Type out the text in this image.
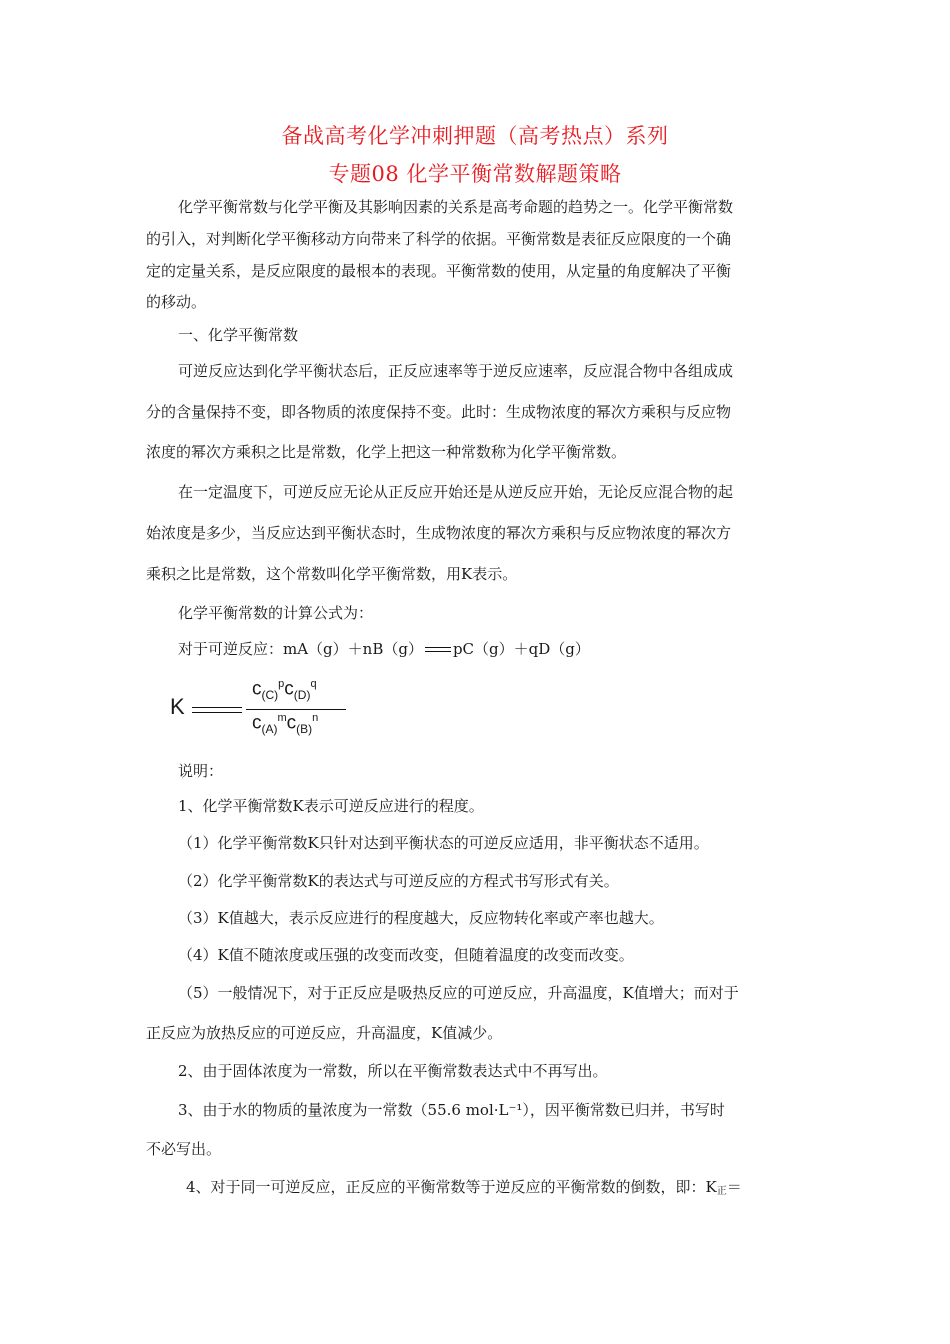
备战高考化学冲刺押题（高考热点）系列
专题08 化学平衡常数解题策略
化学平衡常数与化学平衡及其影响因素的关系是高考命题的趋势之一。化学平衡常数
的引入，对判断化学平衡移动方向带来了科学的依据。平衡常数是表征反应限度的一个确
定的定量关系，是反应限度的最根本的表现。平衡常数的使用，从定量的角度解决了平衡
的移动。
一、化学平衡常数
可逆反应达到化学平衡状态后，正反应速率等于逆反应速率，反应混合物中各组成成
分的含量保持不变，即各物质的浓度保持不变。此时：生成物浓度的幂次方乘积与反应物
浓度的幂次方乘积之比是常数，化学上把这一种常数称为化学平衡常数。
在一定温度下，可逆反应无论从正反应开始还是从逆反应开始，无论反应混合物的起
始浓度是多少，当反应达到平衡状态时，生成物浓度的幂次方乘积与反应物浓度的幂次方
乘积之比是常数，这个常数叫化学平衡常数，用K表示。
化学平衡常数的计算公式为：
对于可逆反应：mA（g）＋nB（g） pC（g）＋qD（g）
K
$c_{(C)}^pc_{(D)}^q$
$c_{(A)}^mc_{(B)}^n$
说明：
1、化学平衡常数K表示可逆反应进行的程度。
（1）化学平衡常数K只针对达到平衡状态的可逆反应适用，非平衡状态不适用。
（2）化学平衡常数K的表达式与可逆反应的方程式书写形式有关。
（3）K值越大，表示反应进行的程度越大，反应物转化率或产率也越大。
（4）K值不随浓度或压强的改变而改变，但随着温度的改变而改变。
（5）一般情况下，对于正反应是吸热反应的可逆反应，升高温度，K值增大；而对于
正反应为放热反应的可逆反应，升高温度，K值减少。
2、由于固体浓度为一常数，所以在平衡常数表达式中不再写出。
3、由于水的物质的量浓度为一常数（55.6 mol·L⁻¹），因平衡常数已归并，书写时
不必写出。
4、对于同一可逆反应，正反应的平衡常数等于逆反应的平衡常数的倒数，即：K正＝
